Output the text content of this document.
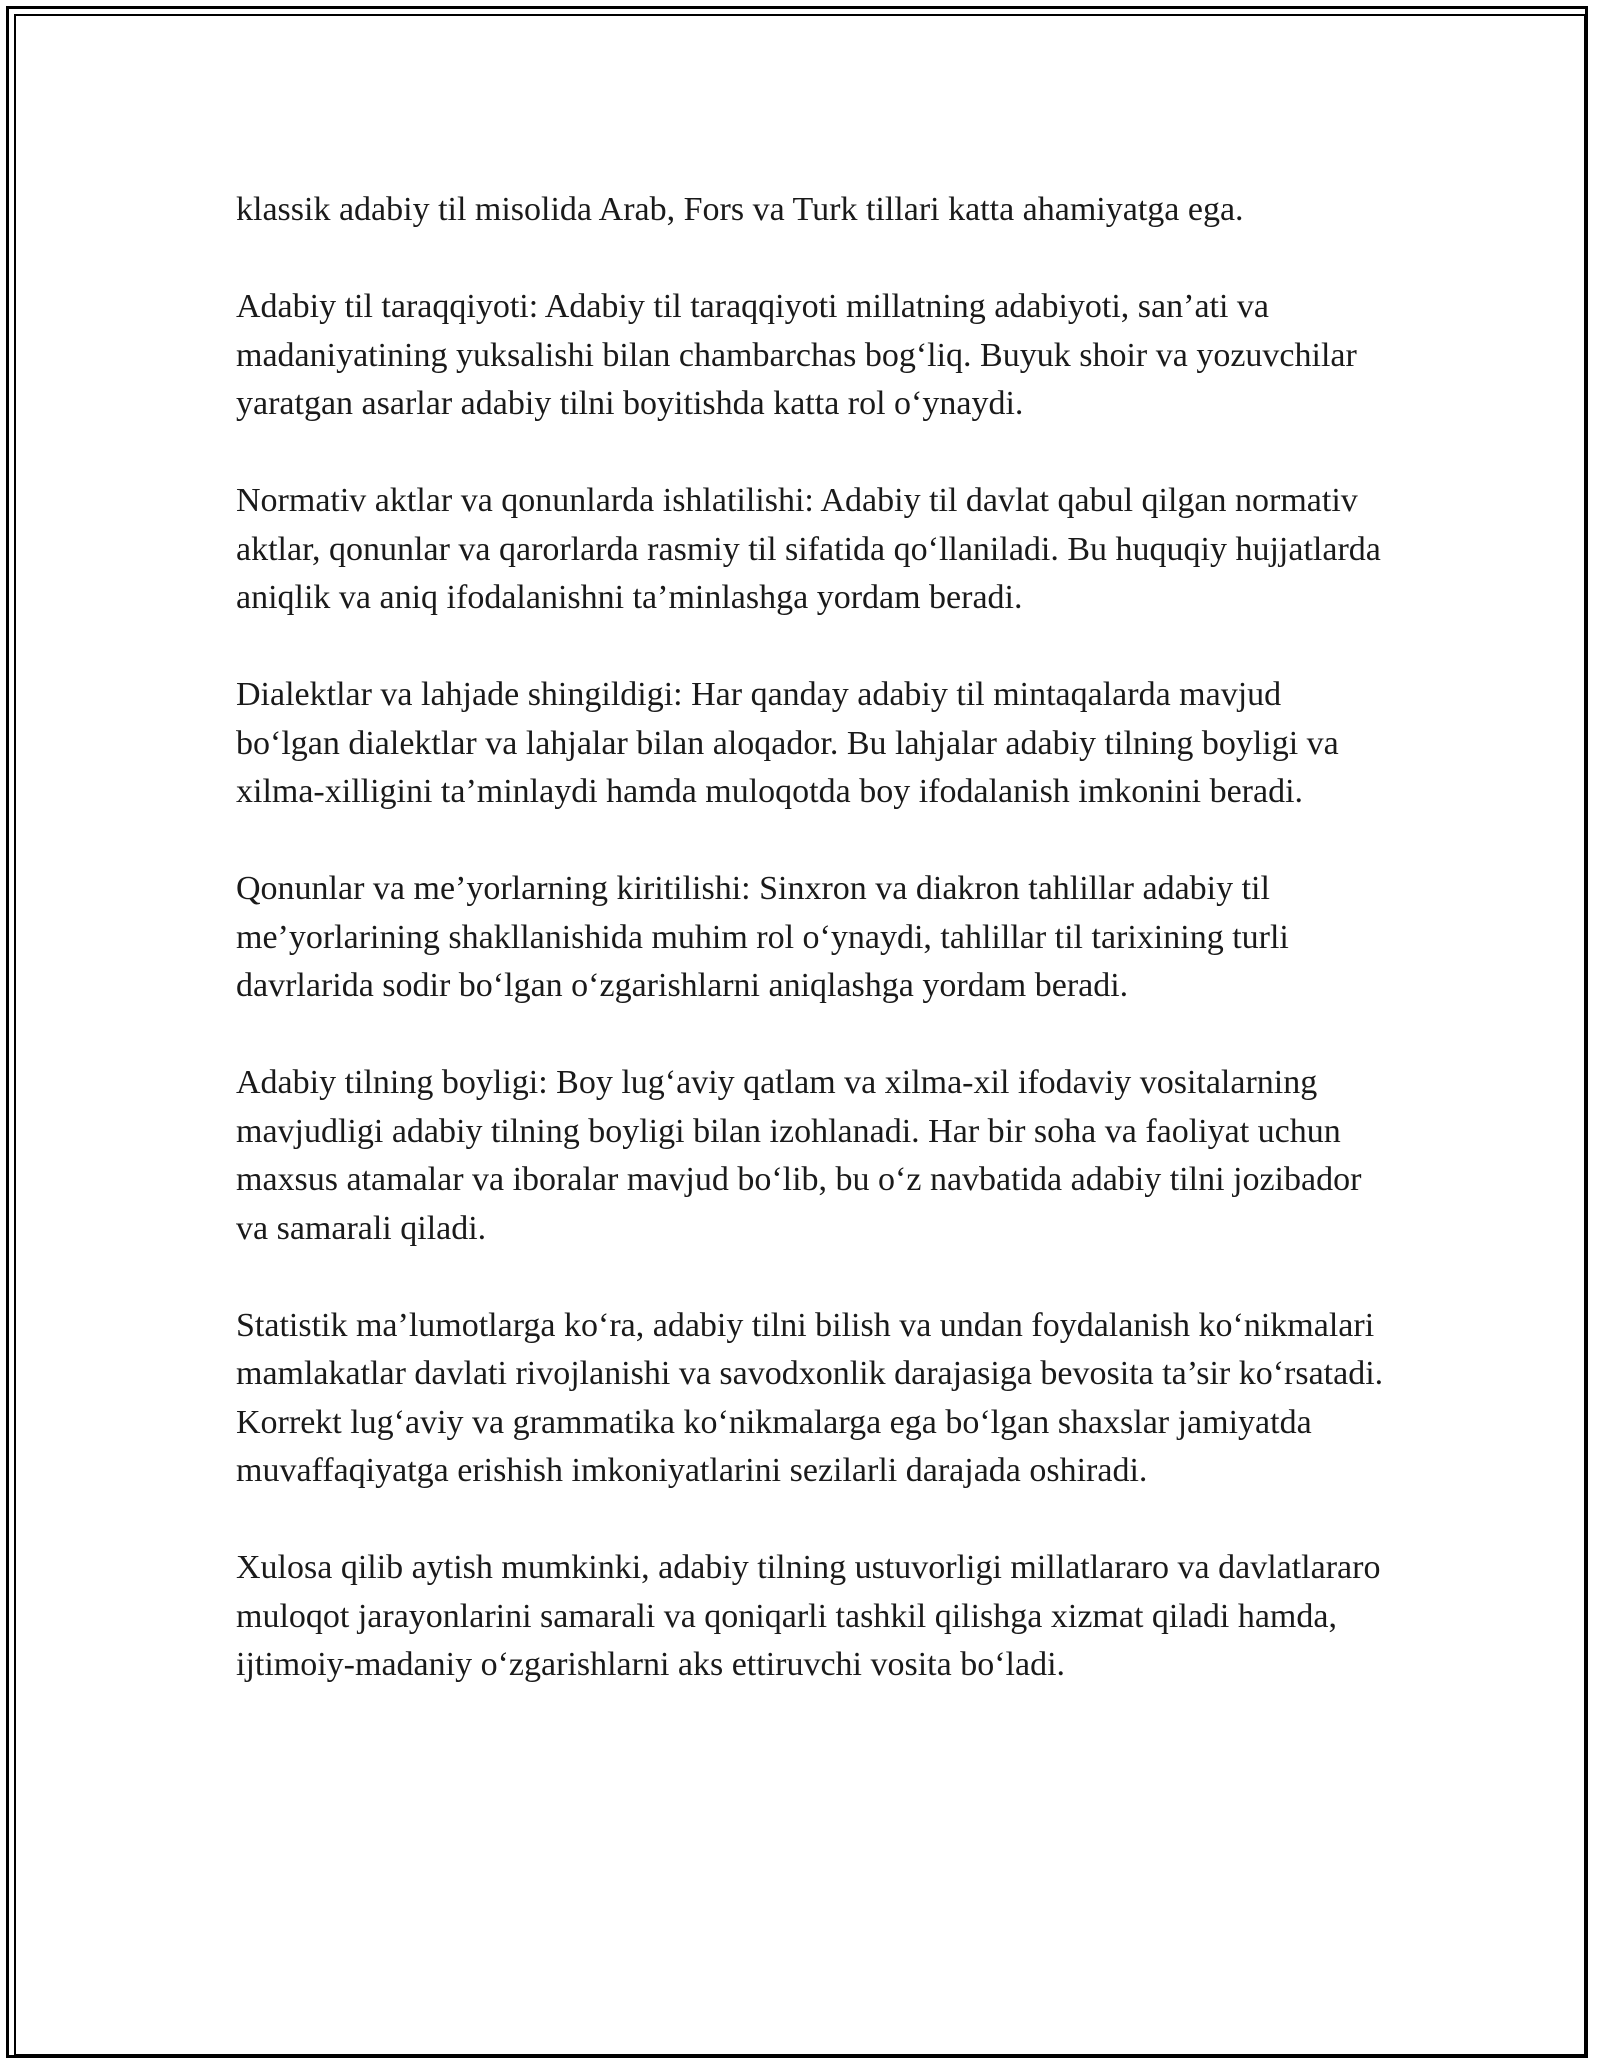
klassik adabiy til misolida Arab, Fors va Turk tillari katta ahamiyatga ega.

Adabiy til taraqqiyoti: Adabiy til taraqqiyoti millatning adabiyoti, san’ati va madaniyatining yuksalishi bilan chambarchas bog‘liq. Buyuk shoir va yozuvchilar yaratgan asarlar adabiy tilni boyitishda katta rol o‘ynaydi.

Normativ aktlar va qonunlarda ishlatilishi: Adabiy til davlat qabul qilgan normativ aktlar, qonunlar va qarorlarda rasmiy til sifatida qo‘llaniladi. Bu huquqiy hujjatlarda aniqlik va aniq ifodalanishni ta’minlashga yordam beradi.

Dialektlar va lahjade shingildigi: Har qanday adabiy til mintaqalarda mavjud bo‘lgan dialektlar va lahjalar bilan aloqador. Bu lahjalar adabiy tilning boyligi va xilma-xilligini ta’minlaydi hamda muloqotda boy ifodalanish imkonini beradi.

Qonunlar va me’yorlarning kiritilishi: Sinxron va diakron tahlillar adabiy til me’yorlarining shakllanishida muhim rol o‘ynaydi, tahlillar til tarixining turli davrlarida sodir bo‘lgan o‘zgarishlarni aniqlashga yordam beradi.

Adabiy tilning boyligi: Boy lug‘aviy qatlam va xilma-xil ifodaviy vositalarning mavjudligi adabiy tilning boyligi bilan izohlanadi. Har bir soha va faoliyat uchun maxsus atamalar va iboralar mavjud bo‘lib, bu o‘z navbatida adabiy tilni jozibador va samarali qiladi.

Statistik ma’lumotlarga ko‘ra, adabiy tilni bilish va undan foydalanish ko‘nikmalari mamlakatlar davlati rivojlanishi va savodxonlik darajasiga bevosita ta’sir ko‘rsatadi. Korrekt lug‘aviy va grammatika ko‘nikmalarga ega bo‘lgan shaxslar jamiyatda muvaffaqiyatga erishish imkoniyatlarini sezilarli darajada oshiradi.

Xulosa qilib aytish mumkinki, adabiy tilning ustuvorligi millatlararo va davlatlararo muloqot jarayonlarini samarali va qoniqarli tashkil qilishga xizmat qiladi hamda, ijtimoiy-madaniy o‘zgarishlarni aks ettiruvchi vosita bo‘ladi.
